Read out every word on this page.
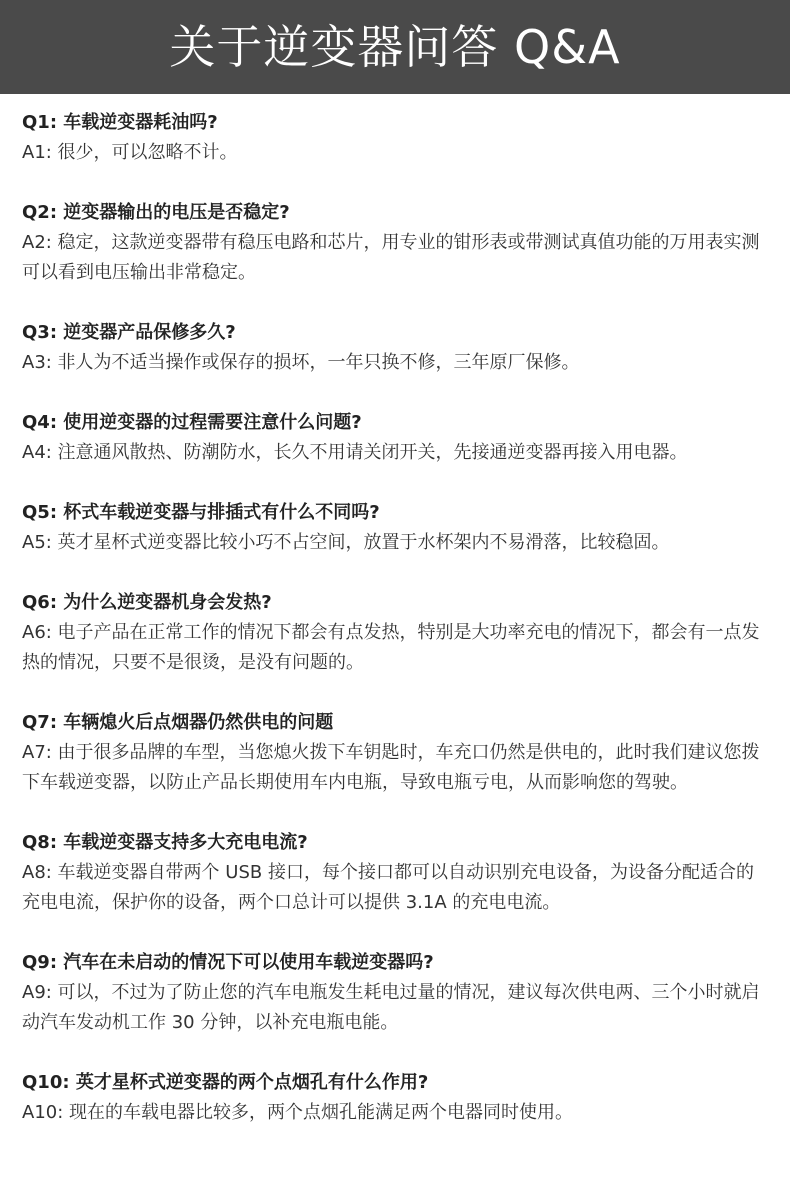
关于逆变器问答 Q&A
Q1: 车载逆变器耗油吗?
A1: 很少，可以忽略不计。
Q2: 逆变器输出的电压是否稳定?
A2: 稳定，这款逆变器带有稳压电路和芯片，用专业的钳形表或带测试真值功能的万用表实测可以看到电压输出非常稳定。
Q3: 逆变器产品保修多久?
A3: 非人为不适当操作或保存的损坏，一年只换不修，三年原厂保修。
Q4: 使用逆变器的过程需要注意什么问题?
A4: 注意通风散热、防潮防水，长久不用请关闭开关，先接通逆变器再接入用电器。
Q5: 杯式车载逆变器与排插式有什么不同吗?
A5: 英才星杯式逆变器比较小巧不占空间，放置于水杯架内不易滑落，比较稳固。
Q6: 为什么逆变器机身会发热?
A6: 电子产品在正常工作的情况下都会有点发热，特别是大功率充电的情况下，都会有一点发热的情况，只要不是很烫，是没有问题的。
Q7: 车辆熄火后点烟器仍然供电的问题
A7: 由于很多品牌的车型，当您熄火拨下车钥匙时，车充口仍然是供电的，此时我们建议您拨下车载逆变器，以防止产品长期使用车内电瓶，导致电瓶亏电，从而影响您的驾驶。
Q8: 车载逆变器支持多大充电电流?
A8: 车载逆变器自带两个 USB 接口，每个接口都可以自动识别充电设备，为设备分配适合的充电电流，保护你的设备，两个口总计可以提供 3.1A 的充电电流。
Q9: 汽车在未启动的情况下可以使用车载逆变器吗?
A9: 可以，不过为了防止您的汽车电瓶发生耗电过量的情况，建议每次供电两、三个小时就启动汽车发动机工作 30 分钟，以补充电瓶电能。
Q10: 英才星杯式逆变器的两个点烟孔有什么作用?
A10: 现在的车载电器比较多，两个点烟孔能满足两个电器同时使用。
